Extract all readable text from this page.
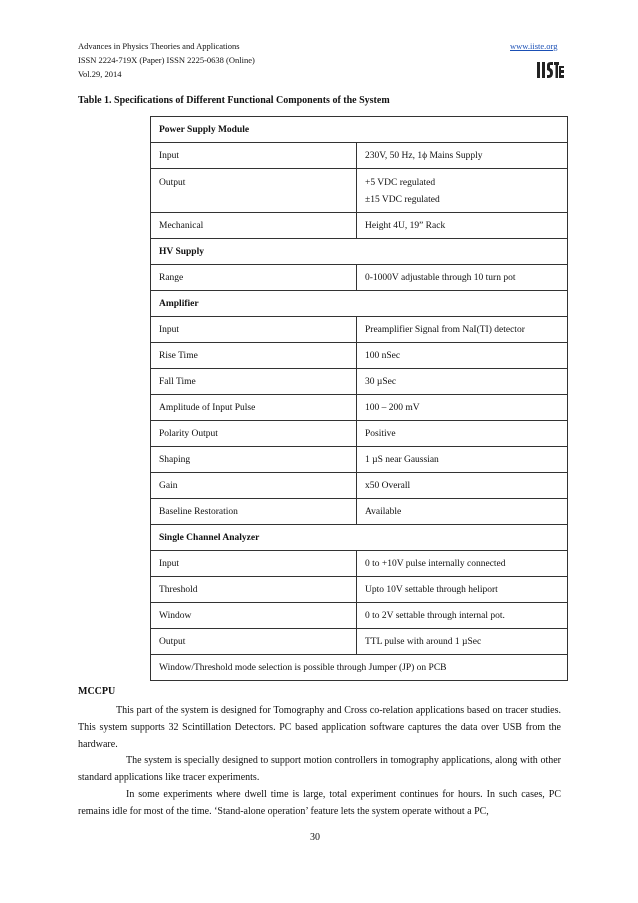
Advances in Physics Theories and Applications
ISSN 2224-719X (Paper) ISSN 2225-0638 (Online)
Vol.29, 2014
www.iiste.org
Table 1. Specifications of Different Functional Components of the System
Power Supply Module	
Input	230V, 50 Hz, 1ϕ Mains Supply
Output	+5 VDC regulated
±15 VDC regulated

Mechanical	Height 4U, 19” Rack
HV Supply	
Range	0-1000V adjustable through 10 turn pot
Amplifier	
Input	Preamplifier Signal from NaI(TI) detector
Rise Time	100 nSec
Fall Time	30 µSec
Amplitude of Input Pulse	100 – 200 mV
Polarity Output	Positive
Shaping	1 µS near Gaussian
Gain	x50 Overall
Baseline Restoration	Available
Single Channel Analyzer	
Input	0 to +10V pulse internally connected
Threshold	Upto 10V settable through heliport
Window	0 to 2V settable through internal pot.
Output	TTL pulse with around 1 µSec
Window/Threshold mode selection is possible through Jumper (JP) on PCB	
MCCPU
This part of the system is designed for Tomography and Cross co-relation applications based on tracer studies. This system supports 32 Scintillation Detectors. PC based application software captures the data over USB from the hardware.
The system is specially designed to support motion controllers in tomography applications, along with other standard applications like tracer experiments.
In some experiments where dwell time is large, total experiment continues for hours. In such cases, PC remains idle for most of the time. ‘Stand-alone operation’ feature lets the system operate without a PC,
30
